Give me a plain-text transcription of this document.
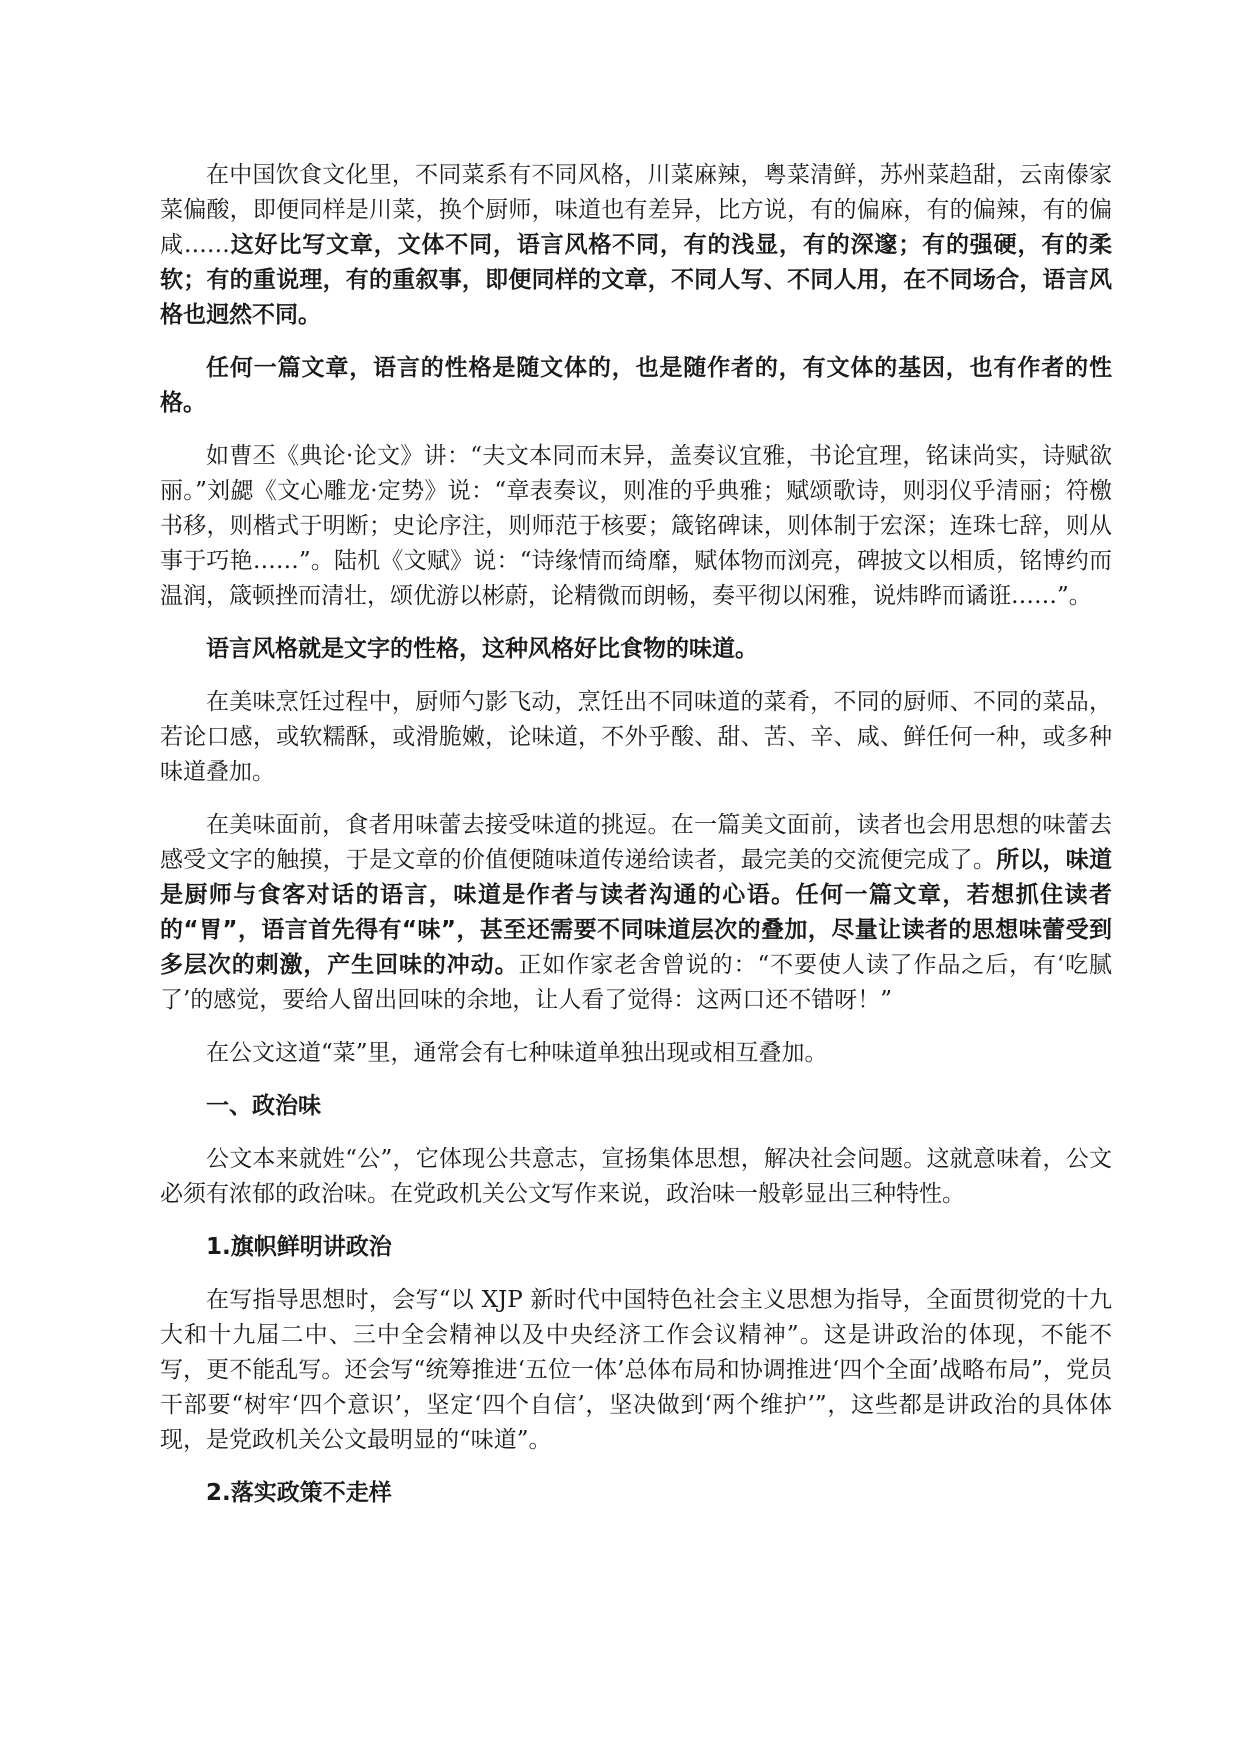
在中国饮食文化里，不同菜系有不同风格，川菜麻辣，粤菜清鲜，苏州菜趋甜，云南傣家菜偏酸，即便同样是川菜，换个厨师，味道也有差异，比方说，有的偏麻，有的偏辣，有的偏咸……这好比写文章，文体不同，语言风格不同，有的浅显，有的深邃；有的强硬，有的柔软；有的重说理，有的重叙事，即便同样的文章，不同人写、不同人用，在不同场合，语言风格也迥然不同。

任何一篇文章，语言的性格是随文体的，也是随作者的，有文体的基因，也有作者的性格。

如曹丕《典论·论文》讲：“夫文本同而末异，盖奏议宜雅，书论宜理，铭诔尚实，诗赋欲丽。”刘勰《文心雕龙·定势》说：“章表奏议，则准的乎典雅；赋颂歌诗，则羽仪乎清丽；符檄书移，则楷式于明断；史论序注，则师范于核要；箴铭碑诔，则体制于宏深；连珠七辞，则从事于巧艳……”。陆机《文赋》说：“诗缘情而绮靡，赋体物而浏亮，碑披文以相质，铭博约而温润，箴顿挫而清壮，颂优游以彬蔚，论精微而朗畅，奏平彻以闲雅，说炜晔而谲诳……”。

语言风格就是文字的性格，这种风格好比食物的味道。

在美味烹饪过程中，厨师勺影飞动，烹饪出不同味道的菜肴，不同的厨师、不同的菜品，若论口感，或软糯酥，或滑脆嫩，论味道，不外乎酸、甜、苦、辛、咸、鲜任何一种，或多种味道叠加。

在美味面前，食者用味蕾去接受味道的挑逗。在一篇美文面前，读者也会用思想的味蕾去感受文字的触摸，于是文章的价值便随味道传递给读者，最完美的交流便完成了。所以，味道是厨师与食客对话的语言，味道是作者与读者沟通的心语。任何一篇文章，若想抓住读者的“胃”，语言首先得有“味”，甚至还需要不同味道层次的叠加，尽量让读者的思想味蕾受到多层次的刺激，产生回味的冲动。正如作家老舍曾说的：“不要使人读了作品之后，有‘吃腻了’的感觉，要给人留出回味的余地，让人看了觉得：这两口还不错呀！”

在公文这道“菜”里，通常会有七种味道单独出现或相互叠加。

一、政治味

公文本来就姓“公”，它体现公共意志，宣扬集体思想，解决社会问题。这就意味着，公文必须有浓郁的政治味。在党政机关公文写作来说，政治味一般彰显出三种特性。

1.旗帜鲜明讲政治

在写指导思想时，会写“以 XJP 新时代中国特色社会主义思想为指导，全面贯彻党的十九大和十九届二中、三中全会精神以及中央经济工作会议精神”。这是讲政治的体现，不能不写，更不能乱写。还会写“统筹推进‘五位一体’总体布局和协调推进‘四个全面’战略布局”，党员干部要“树牢‘四个意识’，坚定‘四个自信’，坚决做到‘两个维护’”，这些都是讲政治的具体体现，是党政机关公文最明显的“味道”。

2.落实政策不走样
